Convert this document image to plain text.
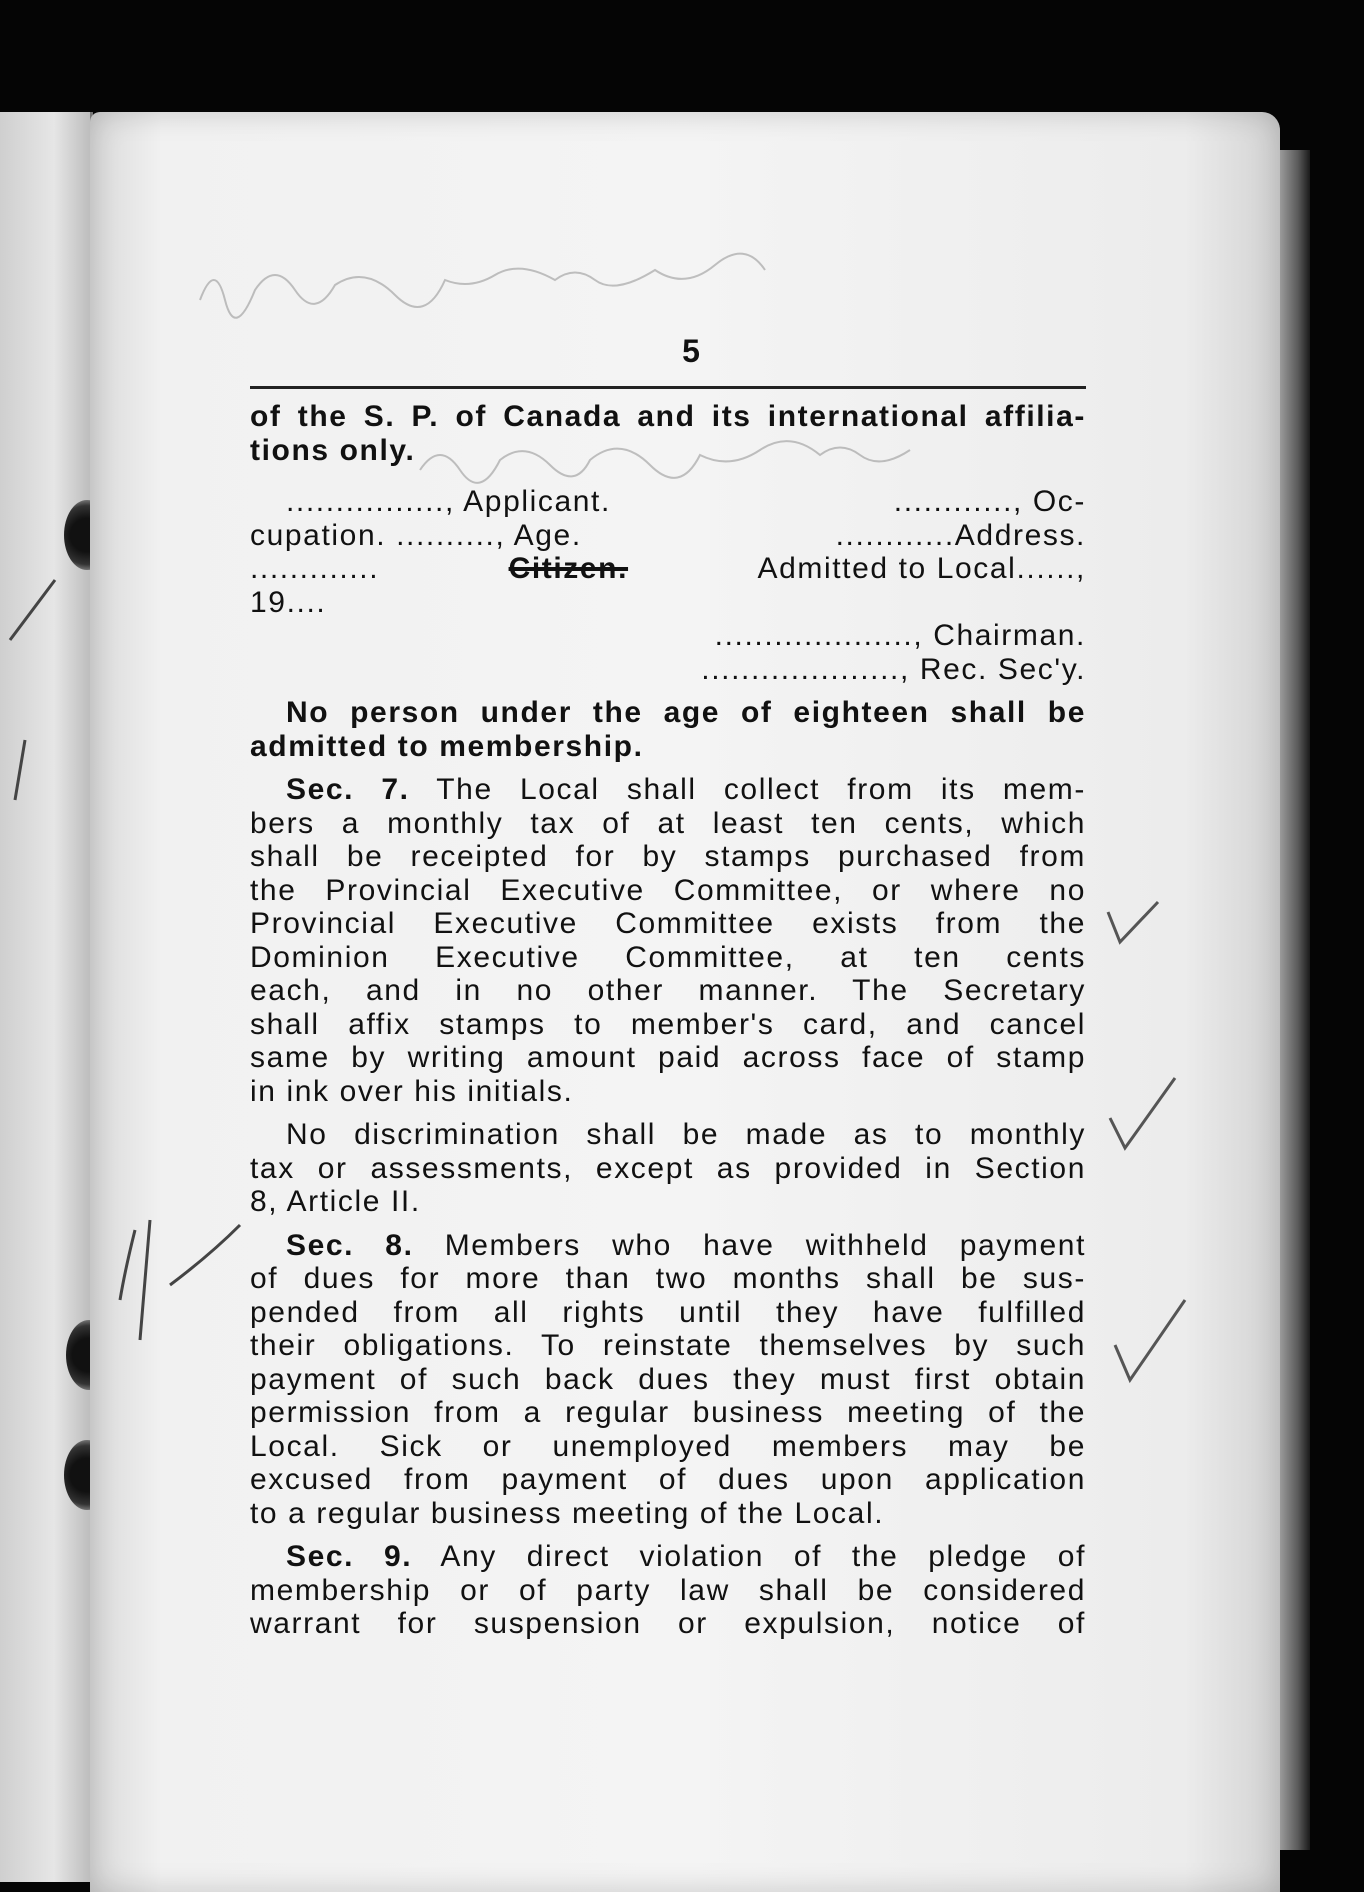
5
of the S. P. of Canada and its international affilia-
tions only.
................, Applicant.	............, Oc-
cupation. .........., Age.	............Address.
.............	Citizen.	Admitted to Local......,
19....
...................., Chairman.
...................., Rec. Sec'y.
No person under the age of eighteen shall be
admitted to membership.
Sec. 7. The Local shall collect from its mem-
bers a monthly tax of at least ten cents, which
shall be receipted for by stamps purchased from
the Provincial Executive Committee, or where no
Provincial Executive Committee exists from the
Dominion Executive Committee, at ten cents
each, and in no other manner. The Secretary
shall affix stamps to member's card, and cancel
same by writing amount paid across face of stamp
in ink over his initials.
No discrimination shall be made as to monthly
tax or assessments, except as provided in Section
8, Article II.
Sec. 8. Members who have withheld payment
of dues for more than two months shall be sus-
pended from all rights until they have fulfilled
their obligations. To reinstate themselves by such
payment of such back dues they must first obtain
permission from a regular business meeting of the
Local. Sick or unemployed members may be
excused from payment of dues upon application
to a regular business meeting of the Local.
Sec. 9. Any direct violation of the pledge of
membership or of party law shall be considered
warrant for suspension or expulsion, notice of
